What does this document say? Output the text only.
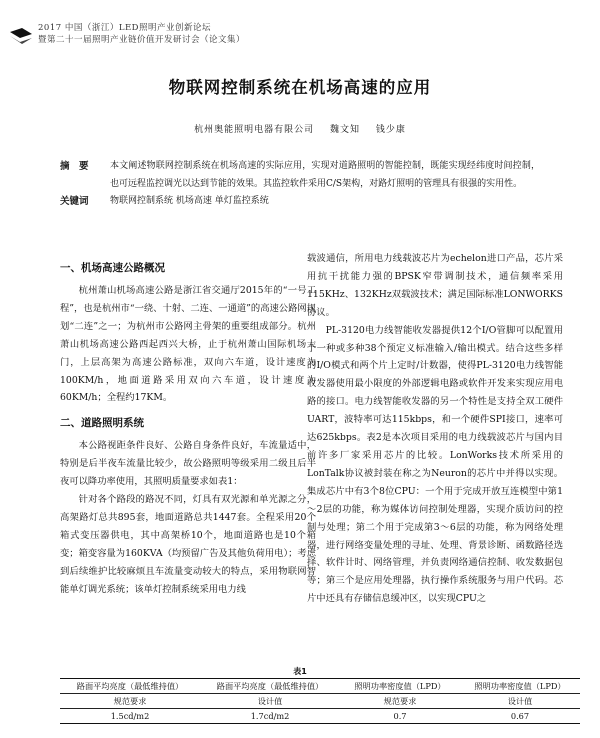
2017 中国（浙江）LED照明产业创新论坛
暨第二十一届照明产业链价值开发研讨会（论文集）
物联网控制系统在机场高速的应用
杭州奥能照明电器有限公司 魏文知 钱少康
摘　要	本文阐述物联网控制系统在机场高速的实际应用，实现对道路照明的智能控制，既能实现经纬度时间控制，也可远程监控调光以达到节能的效果。其监控软件采用C/S架构，对路灯照明的管理具有很强的实用性。
关键词	物联网控制系统 机场高速 单灯监控系统
一、机场高速公路概况

杭州萧山机场高速公路是浙江省交通厅2015年的“一号工程”，也是杭州市“一绕、十射、二连、一通道”的高速公路网规划“二连”之一；为杭州市公路网主骨架的重要组成部分。杭州萧山机场高速公路西起西兴大桥，止于杭州萧山国际机场大门，上层高架为高速公路标准，双向六车道，设计速度为100KM/h，地面道路采用双向六车道，设计速度为60KM/h；全程约17KM。

二、道路照明系统

本公路视距条件良好、公路自身条件良好，车流量适中，特别是后半夜车流量比较少，故公路照明等级采用二级且后半夜可以降功率使用，其照明质量要求如表1：

针对各个路段的路况不同，灯具有双光源和单光源之分，高架路灯总共895套，地面道路总共1447套。全程采用20个箱式变压器供电，其中高架桥10个，地面道路也是10个箱变；箱变容量为160KVA（均预留广告及其他负荷用电）；考虑到后续维护比较麻烦且车流量变动较大的特点，采用物联网智能单灯调光系统；该单灯控制系统采用电力线

载波通信，所用电力线载波芯片为echelon进口产品，芯片采用抗干扰能力强的BPSK窄带调制技术，通信频率采用115KHz、132KHz双载波技术；满足国际标准LONWORKS协议。

PL-3120电力线智能收发器提供12个I/O管脚可以配置用于一种或多种38个预定义标准输入/输出模式。结合这些多样的I/O模式和两个片上定时/计数器，使得PL-3120电力线智能收发器使用最小限度的外部逻辑电路或软件开发来实现应用电路的接口。电力线智能收发器的另一个特性是支持全双工硬件UART，波特率可达115kbps，和一个硬件SPI接口，速率可达625kbps。表2是本次项目采用的电力线载波芯片与国内目前许多厂家采用芯片的比较。LonWorks技术所采用的LonTalk协议被封装在称之为Neuron的芯片中并得以实现。集成芯片中有3个8位CPU：一个用于完成开放互连模型中第1～2层的功能，称为媒体访问控制处理器，实现介质访问的控制与处理；第二个用于完成第3～6层的功能，称为网络处理器，进行网络变量处理的寻址、处理、背景诊断、函数路径选择、软件计时、网络管理，并负责网络通信控制、收发数据包等；第三个是应用处理器，执行操作系统服务与用户代码。芯片中还具有存储信息缓冲区，以实现CPU之

表1
路面平均亮度（最低维持值）	路面平均亮度（最低维持值）	照明功率密度值（LPD）	照明功率密度值（LPD）
规范要求	设计值	规范要求	设计值
1.5cd/m2	1.7cd/m2	0.7	0.67
